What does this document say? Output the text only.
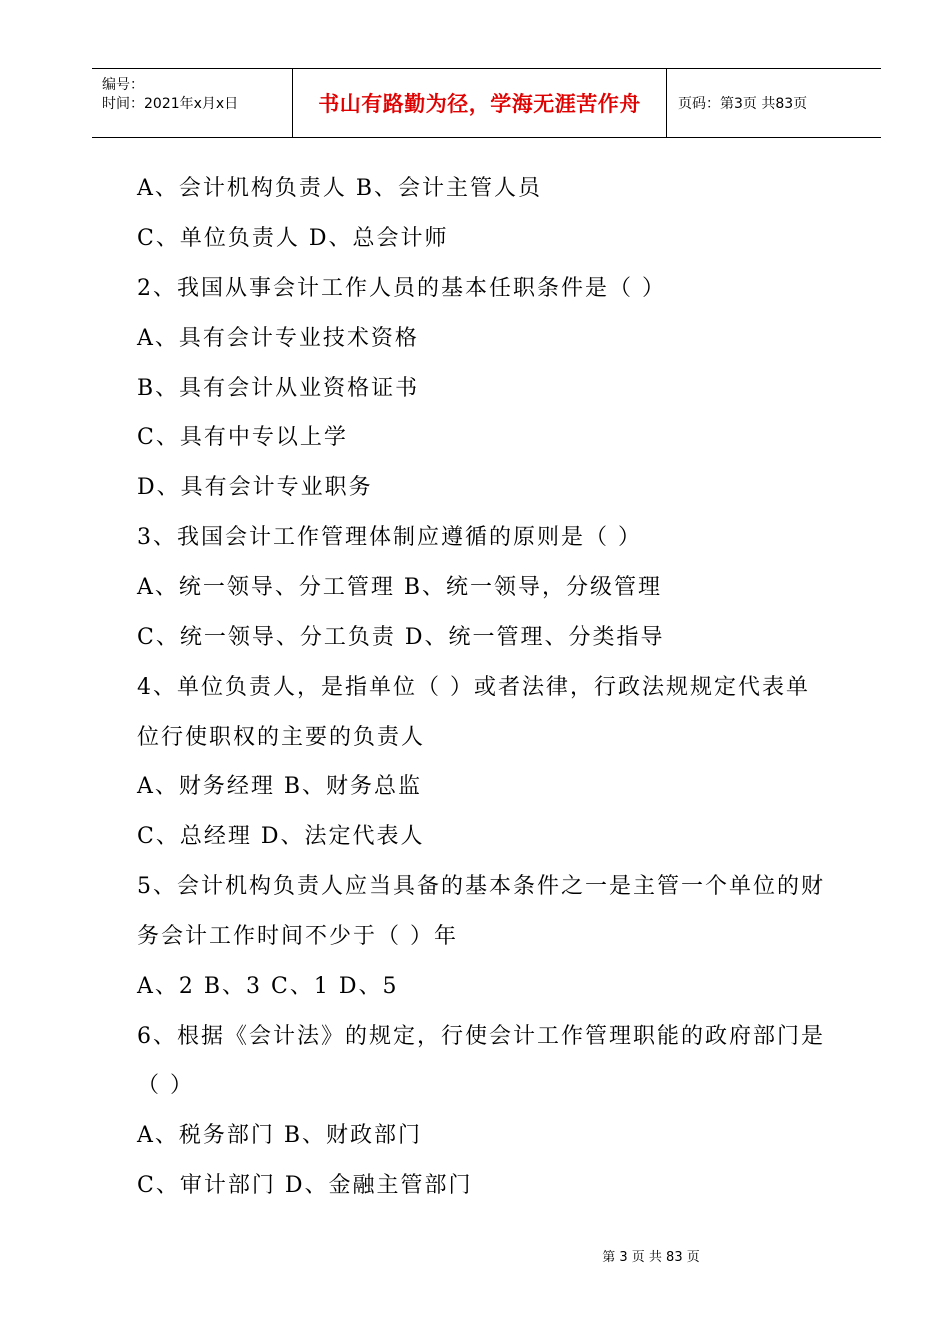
编号：
时间：2021年x月x日	书山有路勤为径，学海无涯苦作舟	页码：第3页 共83页
A、会计机构负责人 B、会计主管人员
C、单位负责人 D、总会计师
2、我国从事会计工作人员的基本任职条件是（ ）
A、具有会计专业技术资格
B、具有会计从业资格证书
C、具有中专以上学
D、具有会计专业职务
3、我国会计工作管理体制应遵循的原则是（ ）
A、统一领导、分工管理 B、统一领导，分级管理
C、统一领导、分工负责 D、统一管理、分类指导
4、单位负责人，是指单位（ ）或者法律，行政法规规定代表单
位行使职权的主要的负责人
A、财务经理 B、财务总监
C、总经理 D、法定代表人
5、会计机构负责人应当具备的基本条件之一是主管一个单位的财
务会计工作时间不少于（ ）年
A、2 B、3 C、1 D、5
6、根据《会计法》的规定，行使会计工作管理职能的政府部门是
（ ）
A、税务部门 B、财政部门
C、审计部门 D、金融主管部门
第 3 页 共 83 页
